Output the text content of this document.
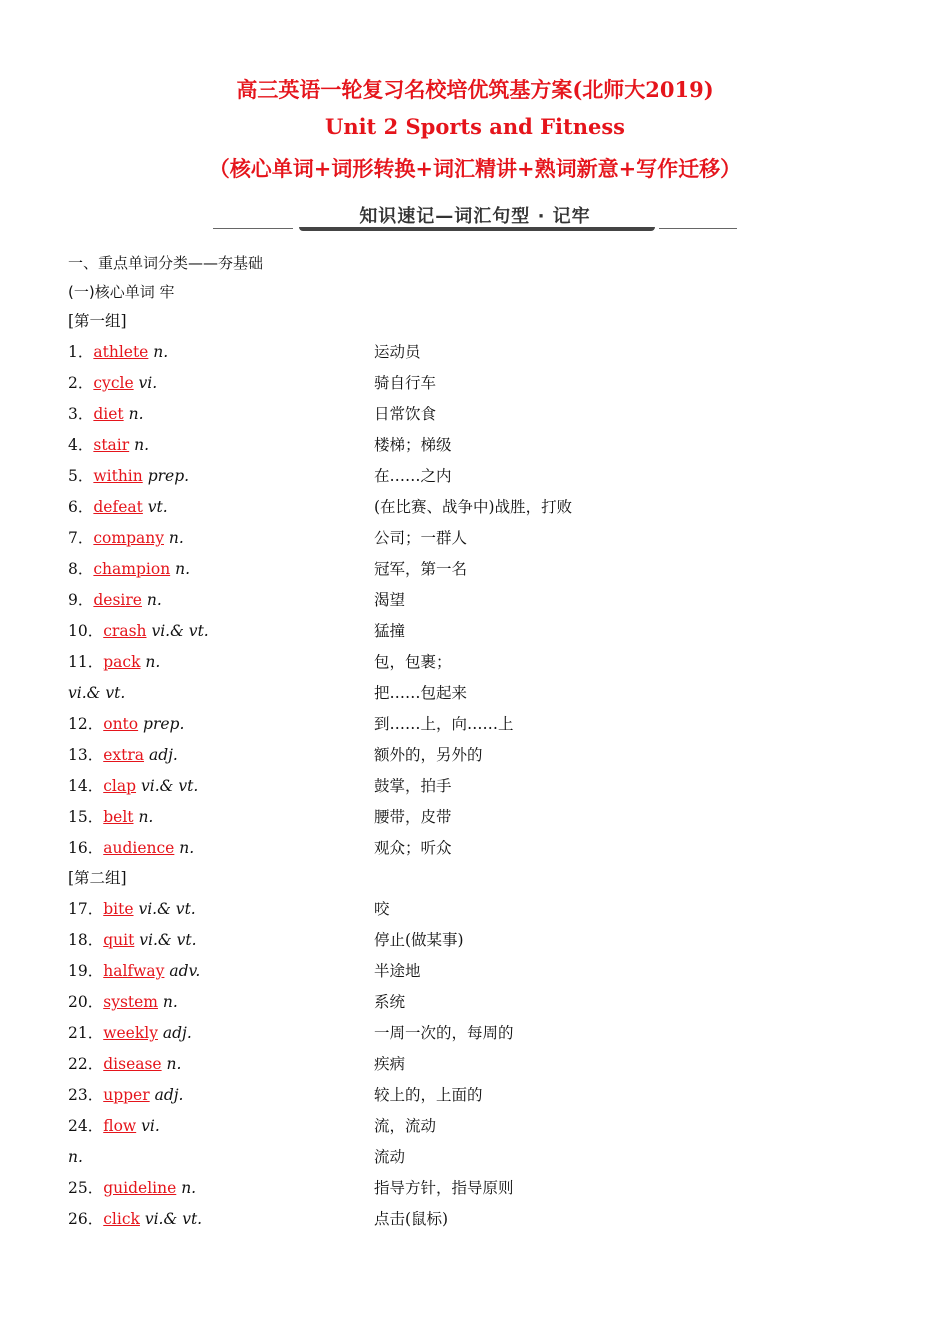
高三英语一轮复习名校培优筑基方案(北师大2019)
Unit 2 Sports and Fitness
（核心单词+词形转换+词汇精讲+熟词新意+写作迁移）
知识速记—词汇句型 · 记牢
一、重点单词分类——夯基础
(一)核心单词 牢
[第一组]
1．athlete n.	运动员
2．cycle vi.	骑自行车
3．diet n.	日常饮食
4．stair n.	楼梯；梯级
5．within prep.	在……之内
6．defeat vt.	(在比赛、战争中)战胜，打败
7．company n.	公司；一群人
8．champion n.	冠军，第一名
9．desire n.	渴望
10．crash vi.& vt.	猛撞
11．pack n.	包，包裹；
vi.& vt.	把……包起来
12．onto prep.	到……上，向……上
13．extra adj.	额外的，另外的
14．clap vi.& vt.	鼓掌，拍手
15．belt n.	腰带，皮带
16．audience n.	观众；听众
[第二组]
17．bite vi.& vt.	咬
18．quit vi.& vt.	停止(做某事)
19．halfway adv.	半途地
20．system n.	系统
21．weekly adj.	一周一次的，每周的
22．disease n.	疾病
23．upper adj.	较上的，上面的
24．flow vi.	流，流动
n.	流动
25．guideline n.	指导方针，指导原则
26．click vi.& vt.	点击(鼠标)
